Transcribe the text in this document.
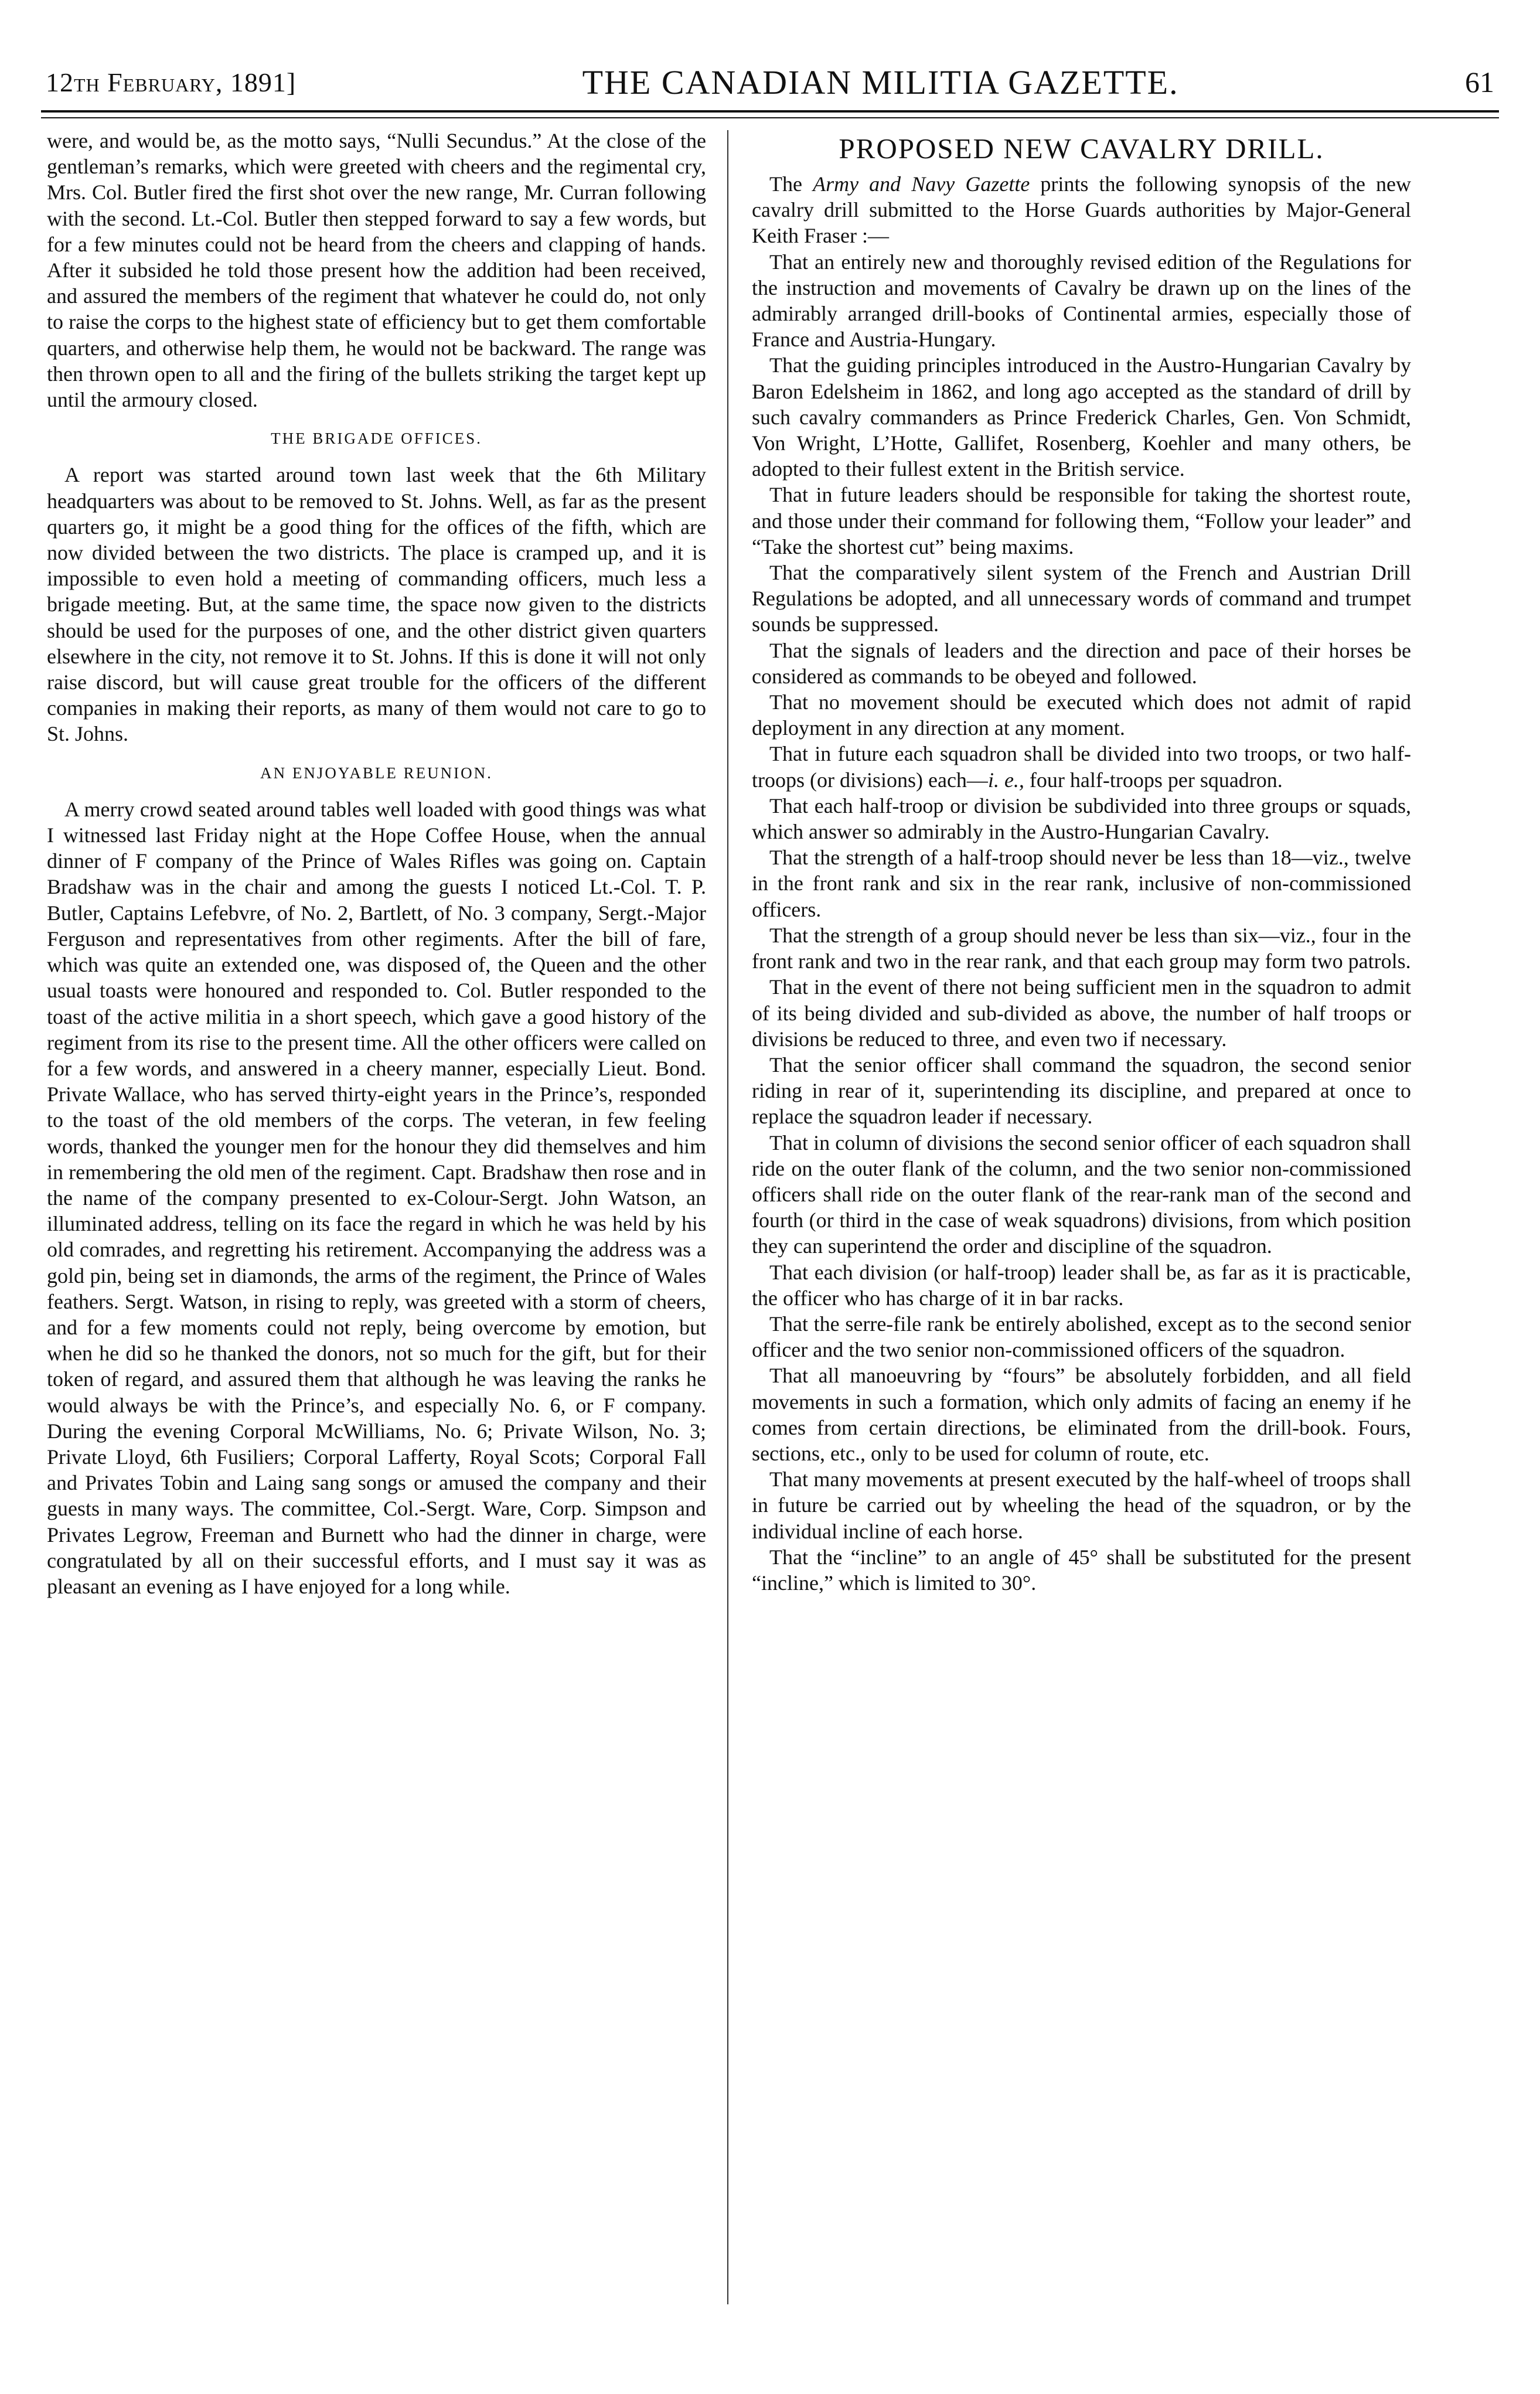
12th February, 1891]	THE CANADIAN MILITIA GAZETTE.	61

were, and would be, as the motto says, “Nulli Secundus.” At the close of the gentleman’s remarks, which were greeted with cheers and the regimental cry, Mrs. Col. Butler fired the first shot over the new range, Mr. Curran following with the second. Lt.-Col. Butler then stepped forward to say a few words, but for a few minutes could not be heard from the cheers and clapping of hands. After it subsided he told those present how the addition had been received, and assured the members of the regiment that whatever he could do, not only to raise the corps to the highest state of efficiency but to get them comfortable quarters, and otherwise help them, he would not be backward. The range was then thrown open to all and the firing of the bullets striking the target kept up until the armoury closed.

THE BRIGADE OFFICES.

A report was started around town last week that the 6th Military headquarters was about to be removed to St. Johns. Well, as far as the present quarters go, it might be a good thing for the offices of the fifth, which are now divided between the two districts. The place is cramped up, and it is impossible to even hold a meeting of commanding officers, much less a brigade meeting. But, at the same time, the space now given to the districts should be used for the purposes of one, and the other district given quarters elsewhere in the city, not remove it to St. Johns. If this is done it will not only raise discord, but will cause great trouble for the officers of the different companies in making their reports, as many of them would not care to go to St. Johns.

AN ENJOYABLE REUNION.

A merry crowd seated around tables well loaded with good things was what I witnessed last Friday night at the Hope Coffee House, when the annual dinner of F company of the Prince of Wales Rifles was going on. Captain Bradshaw was in the chair and among the guests I noticed Lt.-Col. T. P. Butler, Captains Lefebvre, of No. 2, Bartlett, of No. 3 company, Sergt.-Major Ferguson and representatives from other regiments. After the bill of fare, which was quite an extended one, was disposed of, the Queen and the other usual toasts were honoured and responded to. Col. Butler responded to the toast of the active militia in a short speech, which gave a good history of the regiment from its rise to the present time. All the other officers were called on for a few words, and answered in a cheery manner, especially Lieut. Bond. Private Wallace, who has served thirty-eight years in the Prince’s, responded to the toast of the old members of the corps. The veteran, in few feeling words, thanked the younger men for the honour they did themselves and him in remembering the old men of the regiment. Capt. Bradshaw then rose and in the name of the company presented to ex-Colour-Sergt. John Watson, an illuminated address, telling on its face the regard in which he was held by his old comrades, and regretting his retirement. Accompanying the address was a gold pin, being set in diamonds, the arms of the regiment, the Prince of Wales feathers. Sergt. Watson, in rising to reply, was greeted with a storm of cheers, and for a few moments could not reply, being overcome by emotion, but when he did so he thanked the donors, not so much for the gift, but for their token of regard, and assured them that although he was leaving the ranks he would always be with the Prince’s, and especially No. 6, or F company. During the evening Corporal McWilliams, No. 6; Private Wilson, No. 3; Private Lloyd, 6th Fusiliers; Corporal Lafferty, Royal Scots; Corporal Fall and Privates Tobin and Laing sang songs or amused the company and their guests in many ways. The committee, Col.-Sergt. Ware, Corp. Simpson and Privates Legrow, Freeman and Burnett who had the dinner in charge, were congratulated by all on their successful efforts, and I must say it was as pleasant an evening as I have enjoyed for a long while.

PROPOSED NEW CAVALRY DRILL.

The Army and Navy Gazette prints the following synopsis of the new cavalry drill submitted to the Horse Guards authorities by Major-General Keith Fraser :—

That an entirely new and thoroughly revised edition of the Regulations for the instruction and movements of Cavalry be drawn up on the lines of the admirably arranged drill-books of Continental armies, especially those of France and Austria-Hungary.

That the guiding principles introduced in the Austro-Hungarian Cavalry by Baron Edelsheim in 1862, and long ago accepted as the standard of drill by such cavalry commanders as Prince Frederick Charles, Gen. Von Schmidt, Von Wright, L’Hotte, Gallifet, Rosenberg, Koehler and many others, be adopted to their fullest extent in the British service.

That in future leaders should be responsible for taking the shortest route, and those under their command for following them, “Follow your leader” and “Take the shortest cut” being maxims.

That the comparatively silent system of the French and Austrian Drill Regulations be adopted, and all unnecessary words of command and trumpet sounds be suppressed.

That the signals of leaders and the direction and pace of their horses be considered as commands to be obeyed and followed.

That no movement should be executed which does not admit of rapid deployment in any direction at any moment.

That in future each squadron shall be divided into two troops, or two half-troops (or divisions) each—i. e., four half-troops per squadron.

That each half-troop or division be subdivided into three groups or squads, which answer so admirably in the Austro-Hungarian Cavalry.

That the strength of a half-troop should never be less than 18—viz., twelve in the front rank and six in the rear rank, inclusive of non-commissioned officers.

That the strength of a group should never be less than six—viz., four in the front rank and two in the rear rank, and that each group may form two patrols.

That in the event of there not being sufficient men in the squadron to admit of its being divided and sub-divided as above, the number of half troops or divisions be reduced to three, and even two if necessary.

That the senior officer shall command the squadron, the second senior riding in rear of it, superintending its discipline, and prepared at once to replace the squadron leader if necessary.

That in column of divisions the second senior officer of each squadron shall ride on the outer flank of the column, and the two senior non-commissioned officers shall ride on the outer flank of the rear-rank man of the second and fourth (or third in the case of weak squadrons) divisions, from which position they can superintend the order and discipline of the squadron.

That each division (or half-troop) leader shall be, as far as it is practicable, the officer who has charge of it in bar racks.

That the serre-file rank be entirely abolished, except as to the second senior officer and the two senior non-commissioned officers of the squadron.

That all manoeuvring by “fours” be absolutely forbidden, and all field movements in such a formation, which only admits of facing an enemy if he comes from certain directions, be eliminated from the drill-book. Fours, sections, etc., only to be used for column of route, etc.

That many movements at present executed by the half-wheel of troops shall in future be carried out by wheeling the head of the squadron, or by the individual incline of each horse.

That the “incline” to an angle of 45° shall be substituted for the present “incline,” which is limited to 30°.
